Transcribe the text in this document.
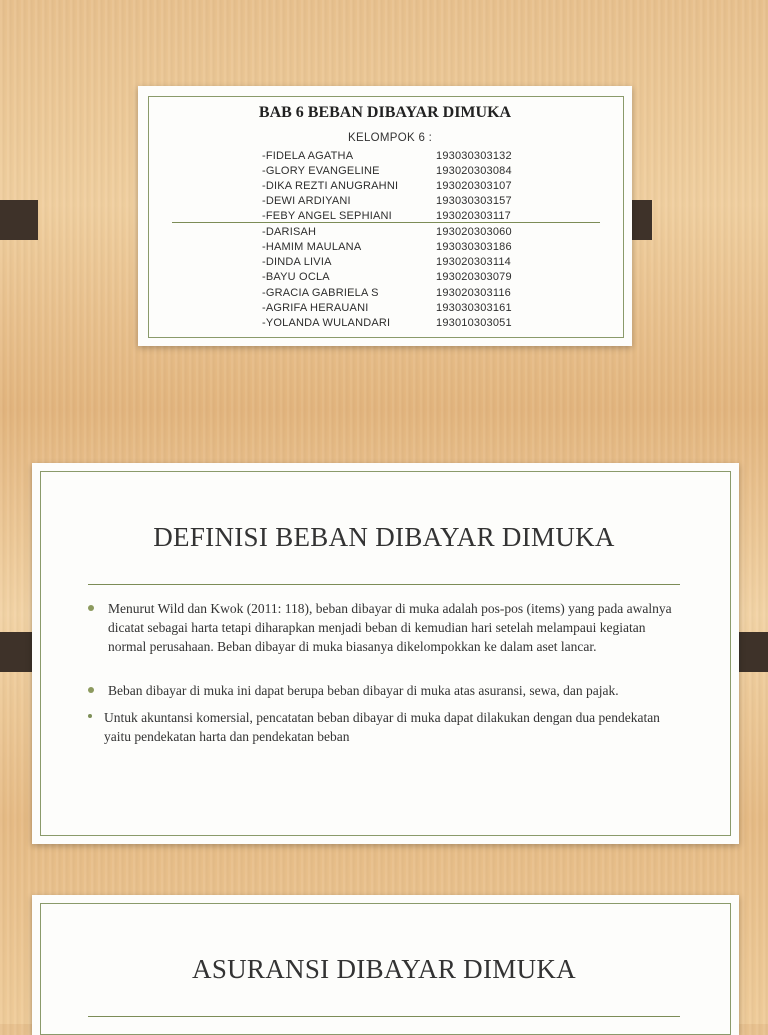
BAB 6 BEBAN DIBAYAR DIMUKA
KELOMPOK 6 :
-FIDELA AGATHA	193030303132
-GLORY EVANGELINE	193020303084
-DIKA REZTI ANUGRAHNI	193020303107
-DEWI ARDIYANI	193030303157
-FEBY ANGEL SEPHIANI	193020303117
-DARISAH	193020303060
-HAMIM MAULANA	193030303186
-DINDA LIVIA	193020303114
-BAYU OCLA	193020303079
-GRACIA GABRIELA S	193020303116
-AGRIFA HERAUANI	193030303161
-YOLANDA WULANDARI	193010303051
DEFINISI BEBAN DIBAYAR DIMUKA
Menurut Wild dan Kwok (2011: 118), beban dibayar di muka adalah pos-pos (items) yang pada awalnya dicatat sebagai harta tetapi diharapkan menjadi beban di kemudian hari setelah melampaui kegiatan normal perusahaan. Beban dibayar di muka biasanya dikelompokkan ke dalam aset lancar.
Beban dibayar di muka ini dapat berupa beban dibayar di muka atas asuransi, sewa, dan pajak.
Untuk akuntansi komersial, pencatatan beban dibayar di muka dapat dilakukan dengan dua pendekatan yaitu pendekatan harta dan pendekatan beban
ASURANSI DIBAYAR DIMUKA
